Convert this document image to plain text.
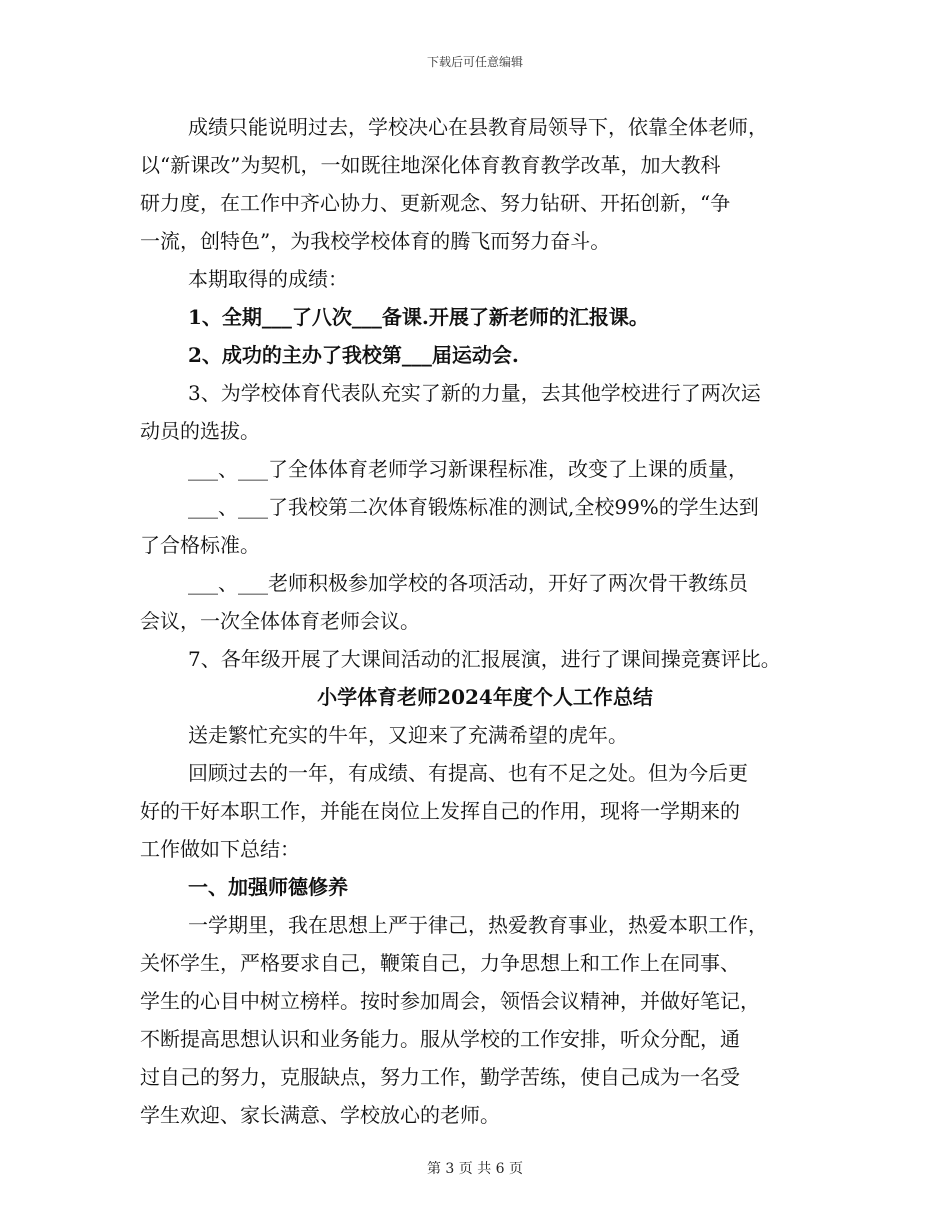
下载后可任意编辑
成绩只能说明过去，学校决心在县教育局领导下，依靠全体老师，
以“新课改”为契机，一如既往地深化体育教育教学改革，加大教科
研力度，在工作中齐心协力、更新观念、努力钻研、开拓创新，“争
一流，创特色”，为我校学校体育的腾飞而努力奋斗。
本期取得的成绩：
1、全期___了八次___备课.开展了新老师的汇报课。
2、成功的主办了我校第___届运动会.
3、为学校体育代表队充实了新的力量，去其他学校进行了两次运
动员的选拔。
___、___了全体体育老师学习新课程标准，改变了上课的质量，
___、___了我校第二次体育锻炼标准的测试,全校99%的学生达到
了合格标准。
___、___老师积极参加学校的各项活动，开好了两次骨干教练员
会议，一次全体体育老师会议。
7、各年级开展了大课间活动的汇报展演，进行了课间操竞赛评比。
小学体育老师2024年度个人工作总结
送走繁忙充实的牛年，又迎来了充满希望的虎年。
回顾过去的一年，有成绩、有提高、也有不足之处。但为今后更
好的干好本职工作，并能在岗位上发挥自己的作用，现将一学期来的
工作做如下总结：
一、加强师德修养
一学期里，我在思想上严于律己，热爱教育事业，热爱本职工作，
关怀学生，严格要求自己，鞭策自己，力争思想上和工作上在同事、
学生的心目中树立榜样。按时参加周会，领悟会议精神，并做好笔记，
不断提高思想认识和业务能力。服从学校的工作安排，听众分配，通
过自己的努力，克服缺点，努力工作，勤学苦练，使自己成为一名受
学生欢迎、家长满意、学校放心的老师。
第 3 页 共 6 页
